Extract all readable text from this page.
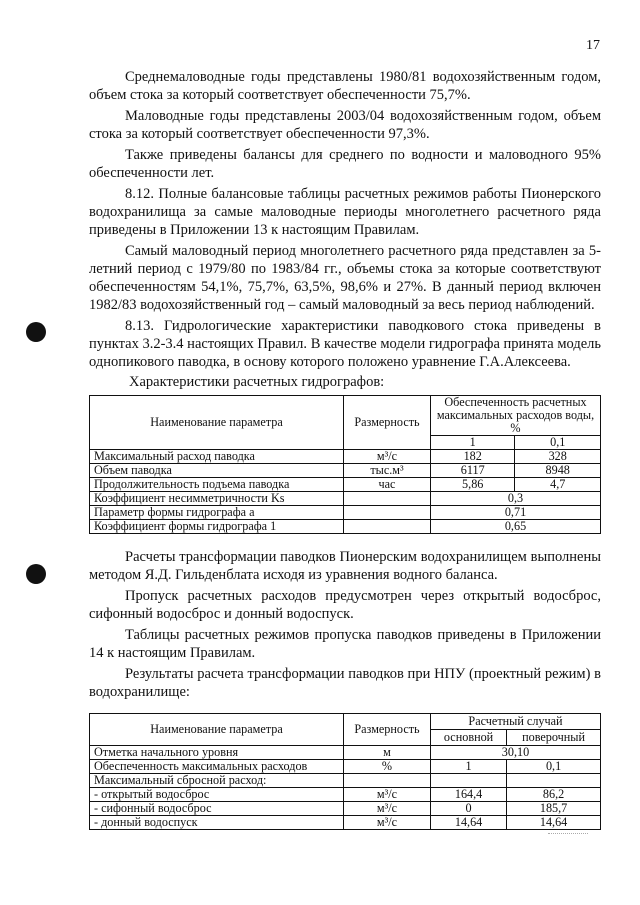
17

Среднемаловодные годы представлены 1980/81 водохозяйственным годом, объем стока за который соответствует обеспеченности 75,7%.

Маловодные годы представлены 2003/04 водохозяйственным годом, объем стока за который соответствует обеспеченности 97,3%.

Также приведены балансы для среднего по водности и маловодного 95% обеспеченности лет.

8.12. Полные балансовые таблицы расчетных режимов работы Пионерского водохранилища за самые маловодные периоды многолетнего расчетного ряда приведены в Приложении 13 к настоящим Правилам.

Самый маловодный период многолетнего расчетного ряда представлен за 5-летний период с 1979/80 по 1983/84 гг., объемы стока за которые соответствуют обеспеченностям 54,1%, 75,7%, 63,5%, 98,6% и 27%. В данный период включен 1982/83 водохозяйственный год – самый маловодный за весь период наблюдений.

8.13. Гидрологические характеристики паводкового стока приведены в пунктах 3.2-3.4 настоящих Правил. В качестве модели гидрографа принята модель однопикового паводка, в основу которого положено уравнение Г.А.Алексеева.

Характеристики расчетных гидрографов:

Наименование параметра	Размерность	Обеспеченность расчетных максимальных расходов воды, %	
		1	0,1
Максимальный расход паводка	м³/с	182	328
Объем паводка	тыс.м³	6117	8948
Продолжительность подъема паводка	час	5,86	4,7
Коэффициент несимметричности Ks		0,3	
Параметр формы гидрографа a		0,71	
Коэффициент формы гидрографа 1		0,65	

Расчеты трансформации паводков Пионерским водохранилищем выполнены методом Я.Д. Гильденблата исходя из уравнения водного баланса.

Пропуск расчетных расходов предусмотрен через открытый водосброс, сифонный водосброс и донный водоспуск.

Таблицы расчетных режимов пропуска паводков приведены в Приложении 14 к настоящим Правилам.

Результаты расчета трансформации паводков при НПУ (проектный режим) в водохранилище:

Наименование параметра	Размерность	Расчетный случай	
		основной	поверочный
Отметка начального уровня	м	30,10	
Обеспеченность максимальных расходов	%	1	0,1
Максимальный сбросной расход:			
- открытый водосброс	м³/с	164,4	86,2
- сифонный водосброс	м³/с	0	185,7
- донный водоспуск	м³/с	14,64	14,64
